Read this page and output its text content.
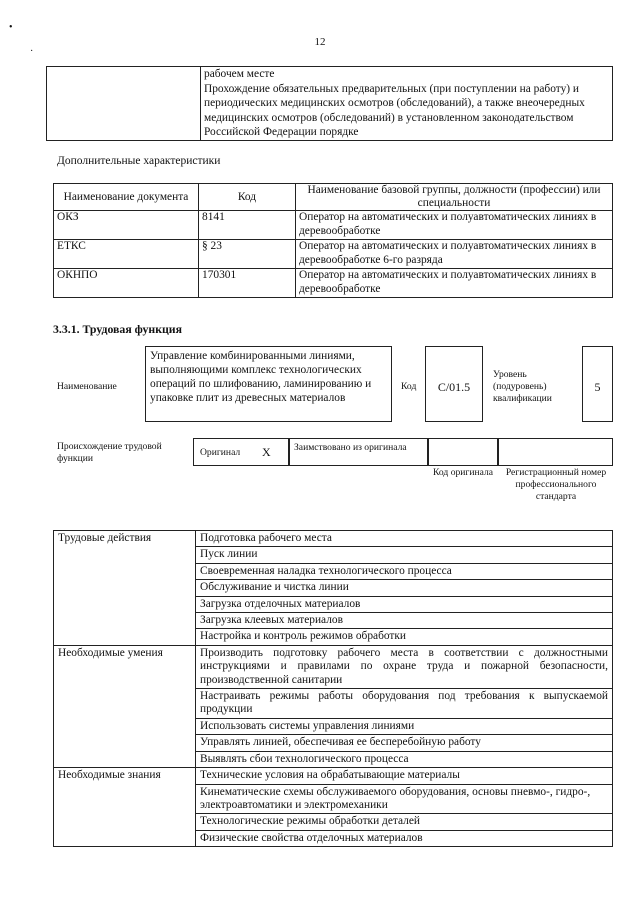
12
•
·

рабочем месте
Прохождение обязательных предварительных (при поступлении на работу) и периодических медицинских осмотров (обследований), а также внеочередных медицинских осмотров (обследований) в установленном законодательством Российской Федерации порядке
Дополнительные характеристики
Наименование документа	Код	Наименование базовой группы, должности (профессии) или специальности
ОКЗ	8141	Оператор на автоматических и полуавтоматических линиях в деревообработке
ЕТКС	§ 23	Оператор на автоматических и полуавтоматических линиях в деревообработке 6-го разряда
ОКНПО	170301	Оператор на автоматических и полуавтоматических линиях в деревообработке
3.3.1. Трудовая функция
Наименование
Управление комбинированными линиями, выполняющими комплекс технологических операций по шлифованию, ламинированию и упаковке плит из древесных материалов
Код	C/01.5
Уровень (подуровень) квалификации
5
Происхождение трудовой функции
Оригинал X	Заимствовано из оригинала
Код оригинала	Регистрационный номер профессионального стандарта
Трудовые действия	Подготовка рабочего места
	Пуск линии
	Своевременная наладка технологического процесса
	Обслуживание и чистка линии
	Загрузка отделочных материалов
	Загрузка клеевых материалов
	Настройка и контроль режимов обработки
Необходимые умения	Производить подготовку рабочего места в соответствии с должностными инструкциями и правилами по охране труда и пожарной безопасности, производственной санитарии
	Настраивать режимы работы оборудования под требования к выпускаемой продукции
	Использовать системы управления линиями
	Управлять линией, обеспечивая ее бесперебойную работу
	Выявлять сбои технологического процесса
Необходимые знания	Технические условия на обрабатывающие материалы
	Кинематические схемы обслуживаемого оборудования, основы пневмо-, гидро-, электроавтоматики и электромеханики
	Технологические режимы обработки деталей
	Физические свойства отделочных материалов
